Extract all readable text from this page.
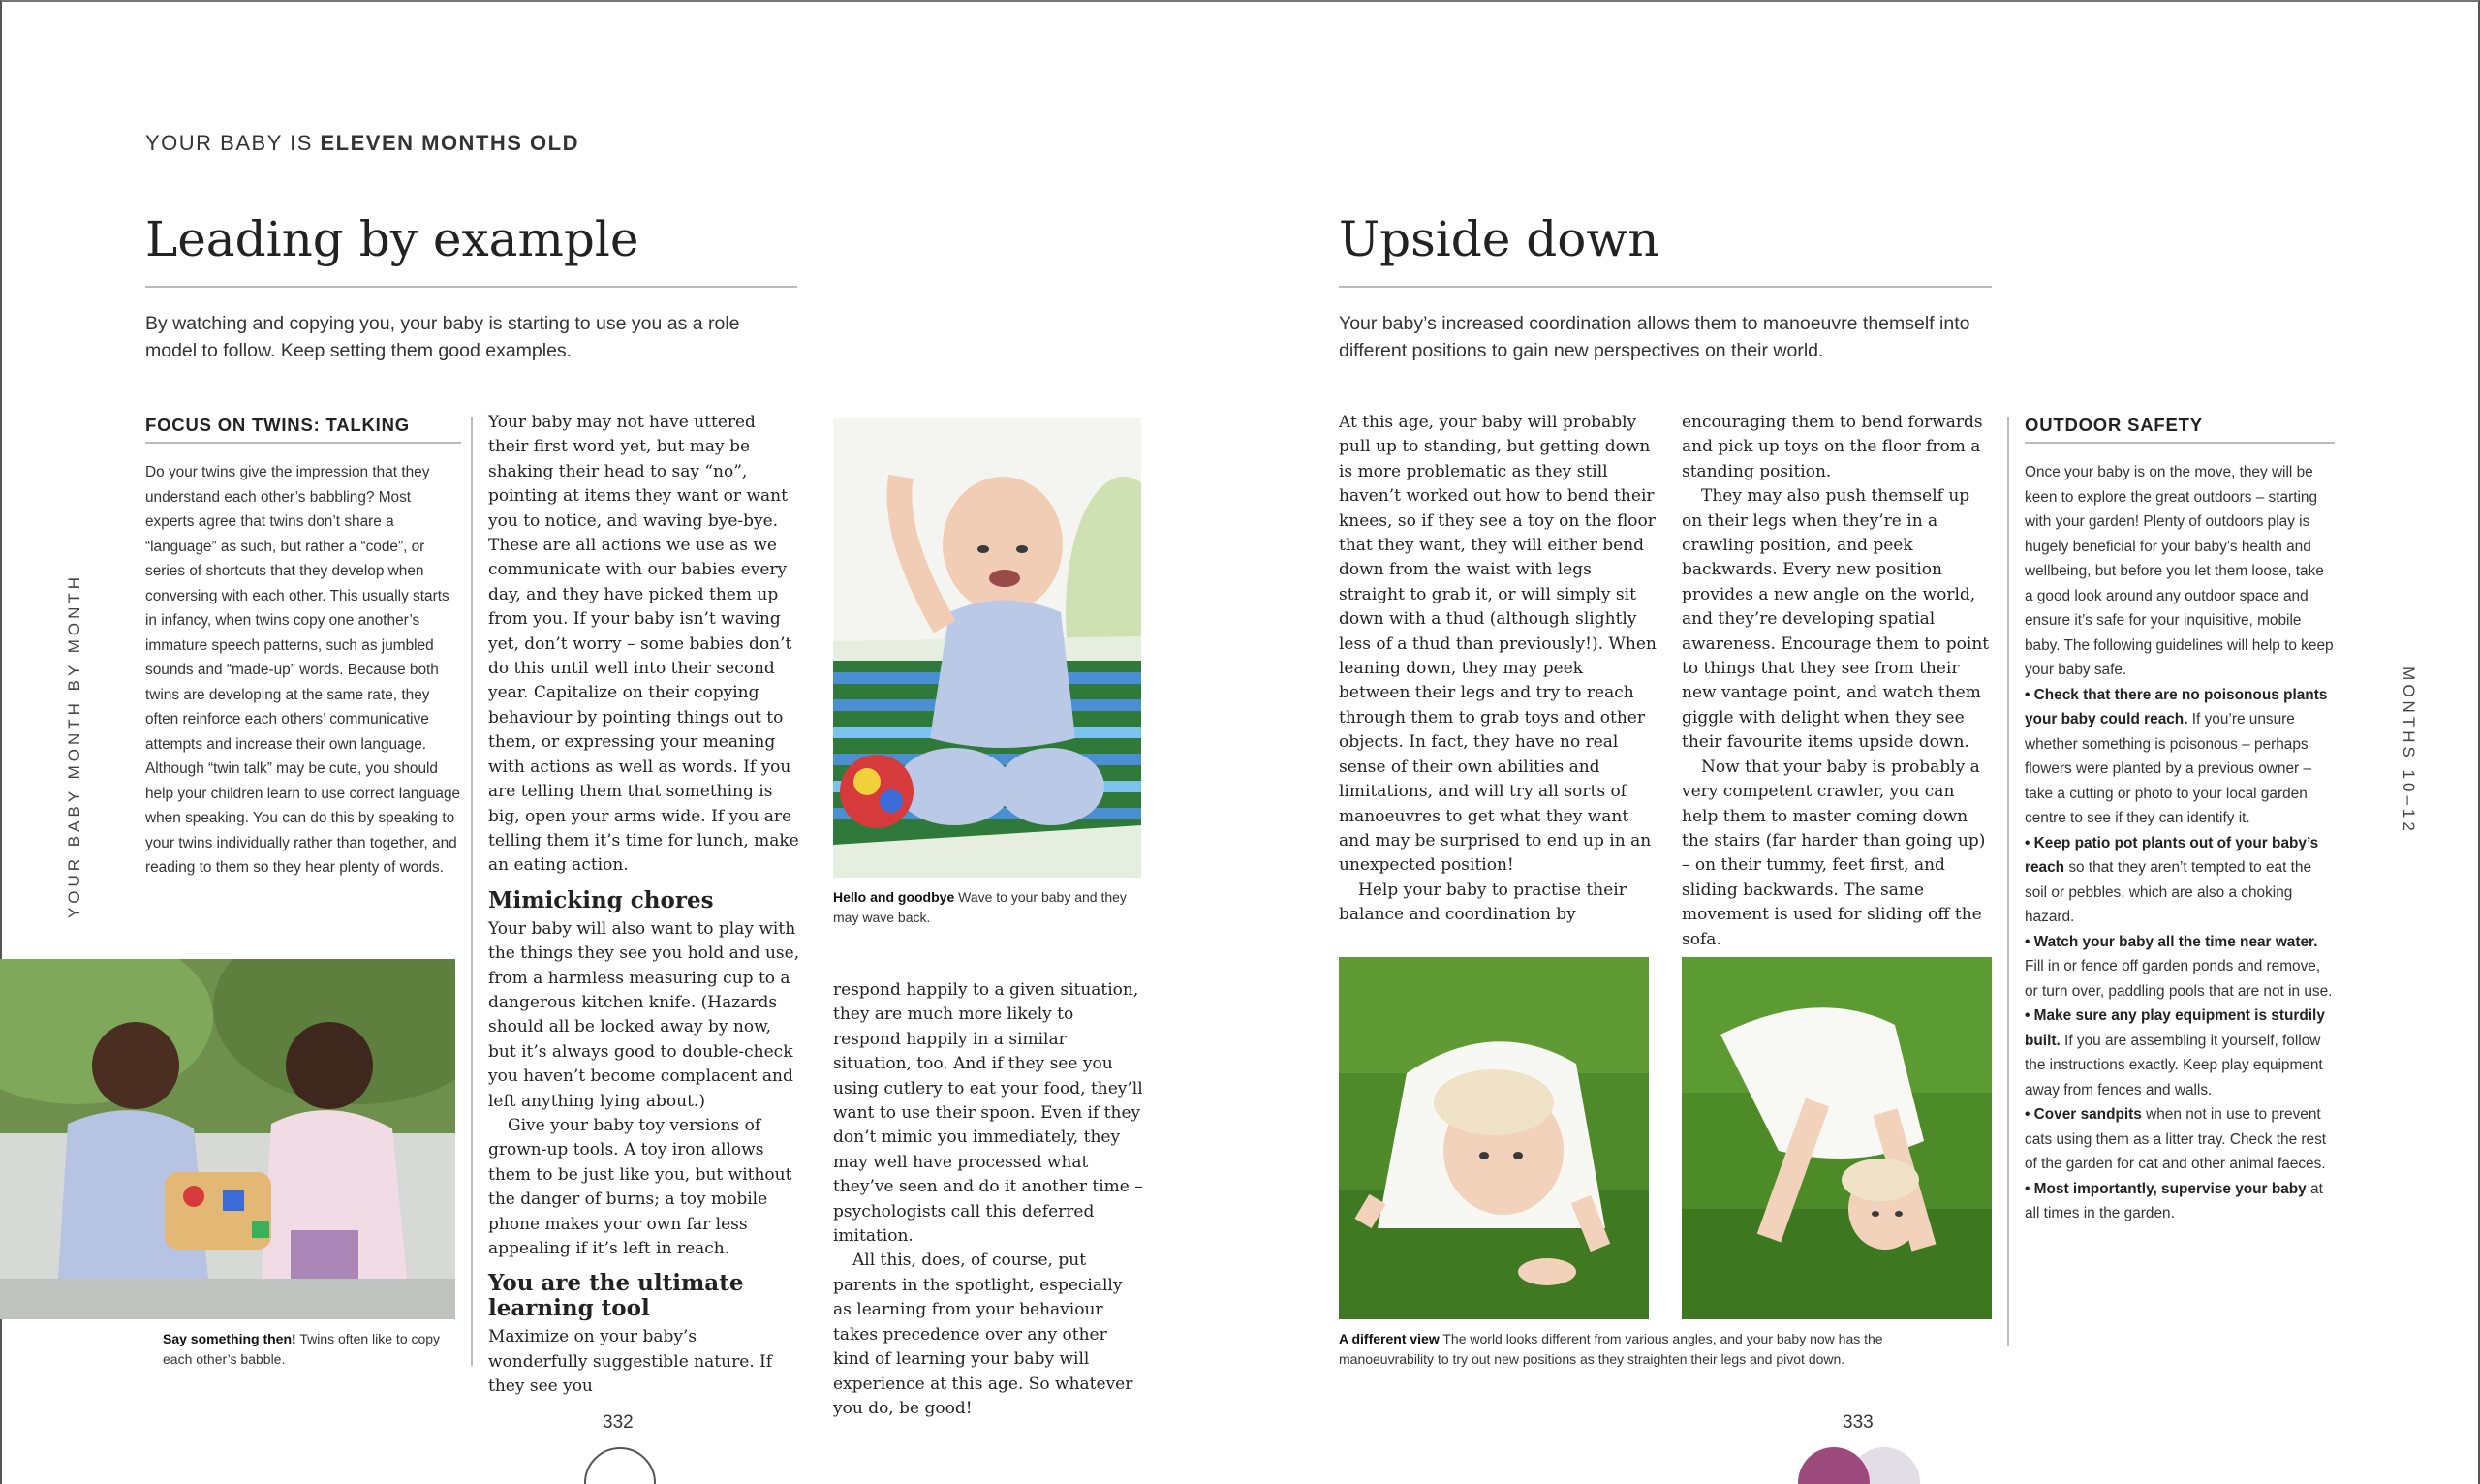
YOUR BABY IS ELEVEN MONTHS OLD
Leading by example

By watching and copying you, your baby is starting to use you as a role model to follow. Keep setting them good examples.

FOCUS ON TWINS: TALKING

Do your twins give the impression that they understand each other’s babbling? Most experts agree that twins don’t share a “language” as such, but rather a “code”, or series of shortcuts that they develop when conversing with each other. This usually starts in infancy, when twins copy one another’s immature speech patterns, such as jumbled sounds and “made-up” words. Because both twins are developing at the same rate, they often reinforce each others’ communicative attempts and increase their own language. Although “twin talk” may be cute, you should help your children learn to use correct language when speaking. You can do this by speaking to your twins individually rather than together, and reading to them so they hear plenty of words.

Your baby may not have uttered their first word yet, but may be shaking their head to say “no”, pointing at items they want or want you to notice, and waving bye-bye. These are all actions we use as we communicate with our babies every day, and they have picked them up from you. If your baby isn’t waving yet, don’t worry – some babies don’t do this until well into their second year. Capitalize on their copying behaviour by pointing things out to them, or expressing your meaning with actions as well as words. If you are telling them that something is big, open your arms wide. If you are telling them it’s time for lunch, make an eating action.

Mimicking chores

Your baby will also want to play with the things they see you hold and use, from a harmless measuring cup to a dangerous kitchen knife. (Hazards should all be locked away by now, but it’s always good to double-check you haven’t become complacent and left anything lying about.)

Give your baby toy versions of grown-up tools. A toy iron allows them to be just like you, but without the danger of burns; a toy mobile phone makes your own far less appealing if it’s left in reach.

You are the ultimate learning tool

Maximize on your baby’s wonderfully suggestible nature. If they see you

Hello and goodbye Wave to your baby and they may wave back.

respond happily to a given situation, they are much more likely to respond happily in a similar situation, too. And if they see you using cutlery to eat your food, they’ll want to use their spoon. Even if they don’t mimic you immediately, they may well have processed what they’ve seen and do it another time – psychologists call this deferred imitation.

All this, does, of course, put parents in the spotlight, especially as learning from your behaviour takes precedence over any other kind of learning your baby will experience at this age. So whatever you do, be good!

Say something then! Twins often like to copy each other’s babble.

YOUR BABY MONTH BY MONTH
332
Upside down

Your baby’s increased coordination allows them to manoeuvre themself into different positions to gain new perspectives on their world.

At this age, your baby will probably pull up to standing, but getting down is more problematic as they still haven’t worked out how to bend their knees, so if they see a toy on the floor that they want, they will either bend down from the waist with legs straight to grab it, or will simply sit down with a thud (although slightly less of a thud than previously!). When leaning down, they may peek between their legs and try to reach through them to grab toys and other objects. In fact, they have no real sense of their own abilities and limitations, and will try all sorts of manoeuvres to get what they want and may be surprised to end up in an unexpected position!

Help your baby to practise their balance and coordination by

encouraging them to bend forwards and pick up toys on the floor from a standing position.

They may also push themself up on their legs when they’re in a crawling position, and peek backwards. Every new position provides a new angle on the world, and they’re developing spatial awareness. Encourage them to point to things that they see from their new vantage point, and watch them giggle with delight when they see their favourite items upside down.

Now that your baby is probably a very competent crawler, you can help them to master coming down the stairs (far harder than going up) – on their tummy, feet first, and sliding backwards. The same movement is used for sliding off the sofa.

A different view The world looks different from various angles, and your baby now has the manoeuvrability to try out new positions as they straighten their legs and pivot down.

OUTDOOR SAFETY

Once your baby is on the move, they will be keen to explore the great outdoors – starting with your garden! Plenty of outdoors play is hugely beneficial for your baby’s health and wellbeing, but before you let them loose, take a good look around any outdoor space and ensure it’s safe for your inquisitive, mobile baby. The following guidelines will help to keep your baby safe.

• Check that there are no poisonous plants your baby could reach. If you’re unsure whether something is poisonous – perhaps flowers were planted by a previous owner – take a cutting or photo to your local garden centre to see if they can identify it.

• Keep patio pot plants out of your baby’s reach so that they aren’t tempted to eat the soil or pebbles, which are also a choking hazard.

• Watch your baby all the time near water. Fill in or fence off garden ponds and remove, or turn over, paddling pools that are not in use.

• Make sure any play equipment is sturdily built. If you are assembling it yourself, follow the instructions exactly. Keep play equipment away from fences and walls.

• Cover sandpits when not in use to prevent cats using them as a litter tray. Check the rest of the garden for cat and other animal faeces.

• Most importantly, supervise your baby at all times in the garden.

MONTHS 10–12
333
